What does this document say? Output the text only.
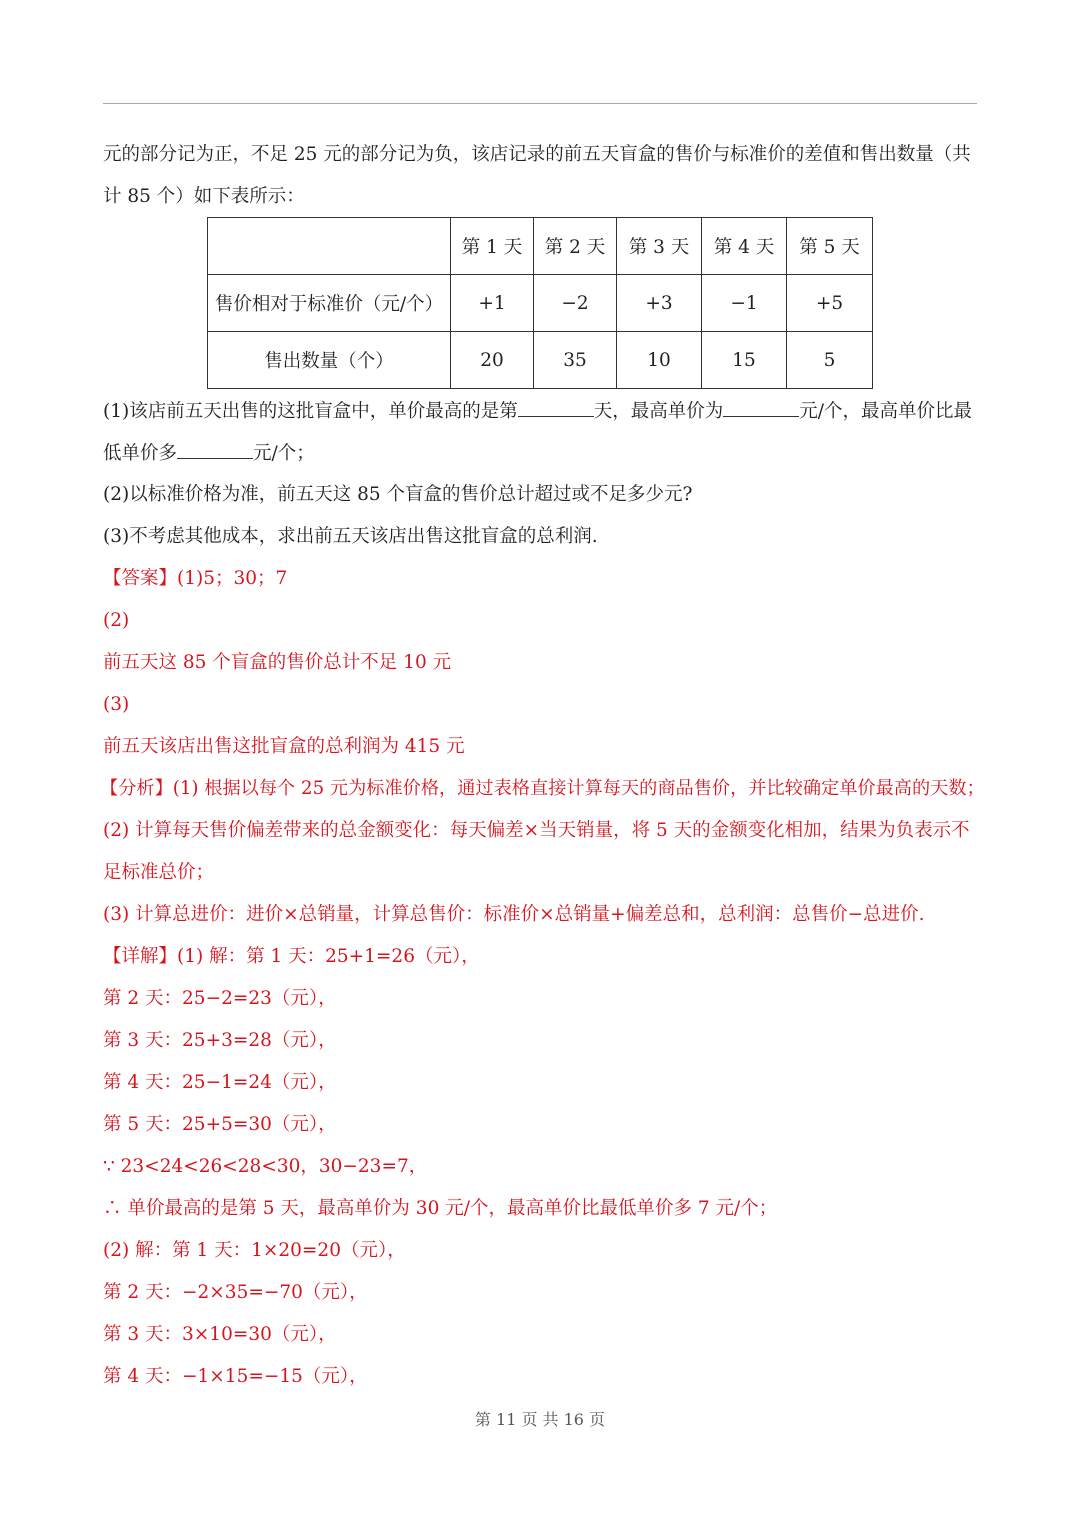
元的部分记为正，不足 25 元的部分记为负，该店记录的前五天盲盒的售价与标准价的差值和售出数量（共
计 85 个）如下表所示：
	第 1 天	第 2 天	第 3 天	第 4 天	第 5 天
售价相对于标准价（元/个）	+1	−2	+3	−1	+5
售出数量（个）	20	35	10	15	5
(1)该店前五天出售的这批盲盒中，单价最高的是第	天，最高单价为	元/个，最高单价比最
低单价多	元/个；
(2)以标准价格为准，前五天这 85 个盲盒的售价总计超过或不足多少元?
(3)不考虑其他成本，求出前五天该店出售这批盲盒的总利润.
【答案】(1)5；30；7
(2)
前五天这 85 个盲盒的售价总计不足 10 元
(3)
前五天该店出售这批盲盒的总利润为 415 元
【分析】(1) 根据以每个 25 元为标准价格，通过表格直接计算每天的商品售价，并比较确定单价最高的天数；
(2) 计算每天售价偏差带来的总金额变化：每天偏差×当天销量，将 5 天的金额变化相加，结果为负表示不
足标准总价；
(3) 计算总进价：进价×总销量，计算总售价：标准价×总销量+偏差总和，总利润：总售价−总进价.
【详解】(1) 解：第 1 天：25+1=26（元），
第 2 天：25−2=23（元），
第 3 天：25+3=28（元），
第 4 天：25−1=24（元），
第 5 天：25+5=30（元），
∵ 23<24<26<28<30，30−23=7，
∴ 单价最高的是第 5 天，最高单价为 30 元/个，最高单价比最低单价多 7 元/个；
(2) 解：第 1 天：1×20=20（元），
第 2 天：−2×35=−70（元），
第 3 天：3×10=30（元），
第 4 天：−1×15=−15（元），
第 11 页 共 16 页
